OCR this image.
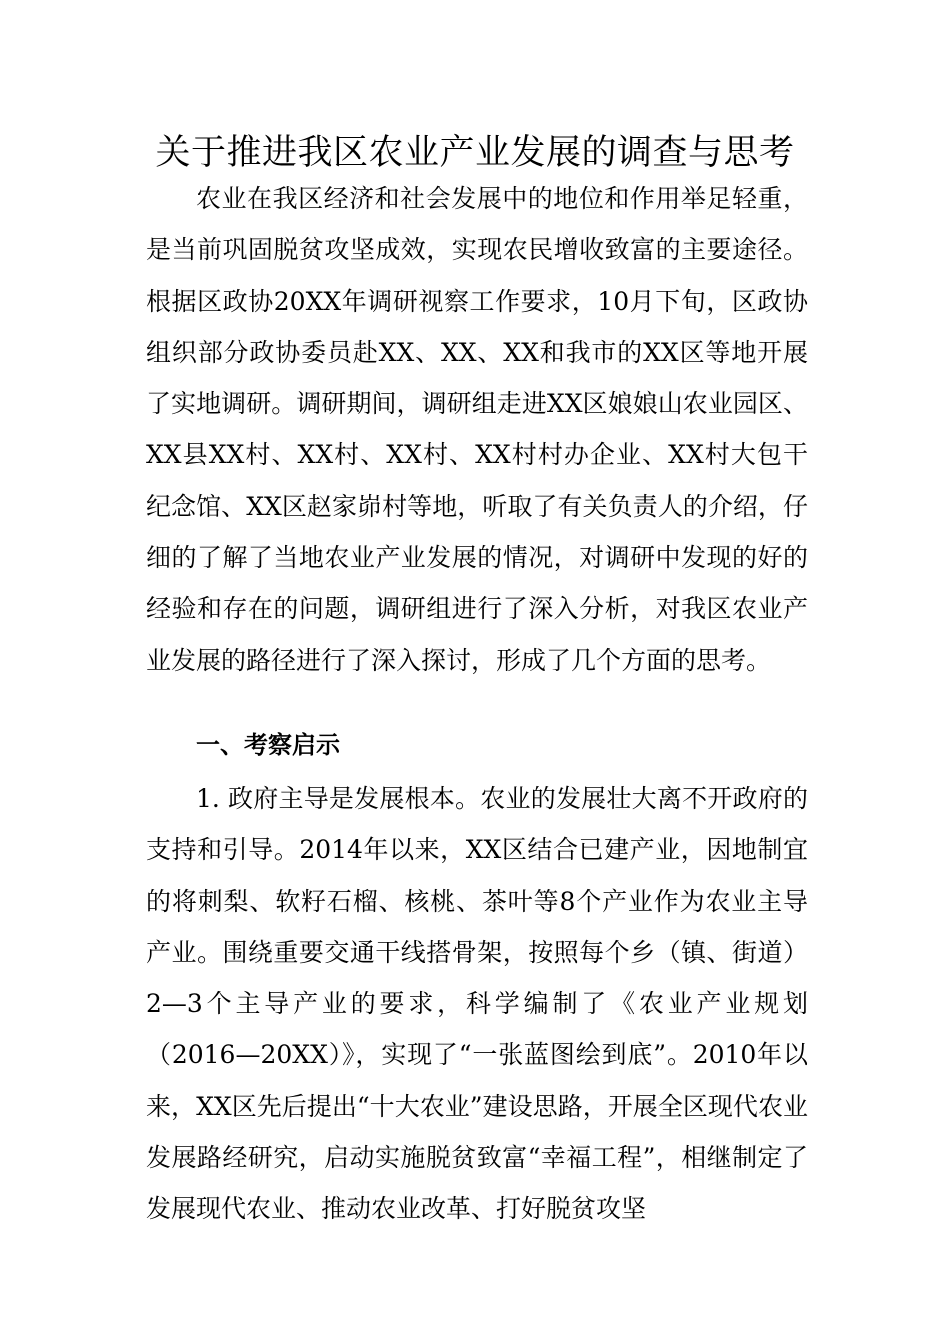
关于推进我区农业产业发展的调查与思考

农业在我区经济和社会发展中的地位和作用举足轻重，是当前巩固脱贫攻坚成效，实现农民增收致富的主要途径。根据区政协20XX年调研视察工作要求，10月下旬，区政协组织部分政协委员赴XX、XX、XX和我市的XX区等地开展了实地调研。调研期间，调研组走进XX区娘娘山农业园区、XX县XX村、XX村、XX村、XX村村办企业、XX村大包干纪念馆、XX区赵家峁村等地，听取了有关负责人的介绍，仔细的了解了当地农业产业发展的情况，对调研中发现的好的经验和存在的问题，调研组进行了深入分析，对我区农业产业发展的路径进行了深入探讨，形成了几个方面的思考。

一、考察启示

1. 政府主导是发展根本。农业的发展壮大离不开政府的支持和引导。2014年以来，XX区结合已建产业，因地制宜的将刺梨、软籽石榴、核桃、茶叶等8个产业作为农业主导产业。围绕重要交通干线搭骨架，按照每个乡（镇、街道）2—3个主导产业的要求，科学编制了《农业产业规划（2016—20XX）》，实现了“一张蓝图绘到底”。2010年以来，XX区先后提出“十大农业”建设思路，开展全区现代农业发展路经研究，启动实施脱贫致富“幸福工程”，相继制定了发展现代农业、推动农业改革、打好脱贫攻坚
